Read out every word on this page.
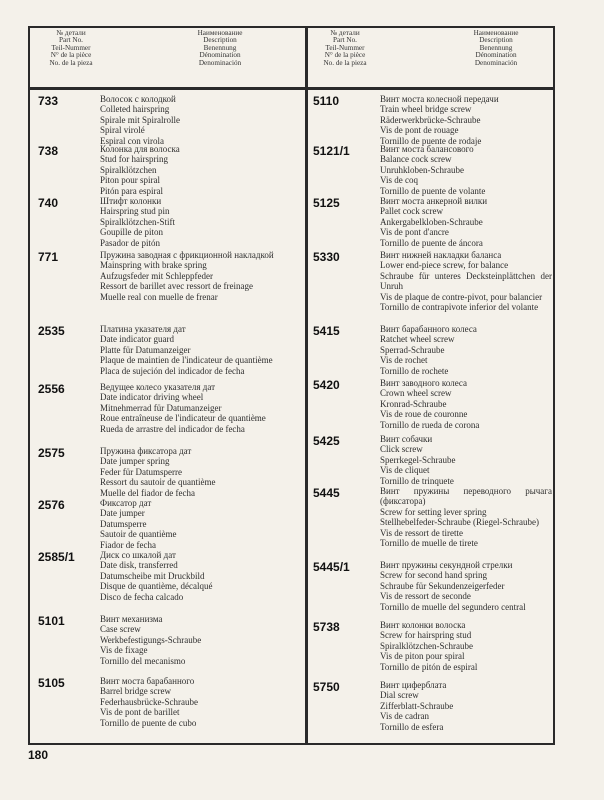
№ детали
Part No.
Teil-Nummer
N° de la pièce
No. de la pieza
Наименование
Description
Benennung
Dénomination
Denominación
№ детали
Part No.
Teil-Nummer
N° de la pièce
No. de la pieza
Наименование
Description
Benennung
Dénomination
Denominación
733	Волосок с колодкой
Colleted hairspring
Spirale mit Spiralrolle
Spiral virolé
Espiral con virola
738	Колонка для волоска
Stud for hairspring
Spiralklötzchen
Piton pour spiral
Pitón para espiral
740	Штифт колонки
Hairspring stud pin
Spiralklötzchen-Stift
Goupille de piton
Pasador de pitón
771	Пружина заводная с фрикционной накладкой
Mainspring with brake spring
Aufzugsfeder mit Schleppfeder
Ressort de barillet avec ressort de freinage
Muelle real con muelle de frenar
2535	Платина указателя дат
Date indicator guard
Platte für Datumanzeiger
Plaque de maintien de l'indicateur de quantième
Placa de sujeción del indicador de fecha
2556	Ведущее колесо указателя дат
Date indicator driving wheel
Mitnehmerrad für Datumanzeiger
Roue entraîneuse de l'indicateur de quantième
Rueda de arrastre del indicador de fecha
2575	Пружина фиксатора дат
Date jumper spring
Feder für Datumsperre
Ressort du sautoir de quantième
Muelle del fiador de fecha
2576	Фиксатор дат
Date jumper
Datumsperre
Sautoir de quantième
Fiador de fecha
2585/1	Диск со шкалой дат
Date disk, transferred
Datumscheibe mit Druckbild
Disque de quantième, décalqué
Disco de fecha calcado
5101	Винт механизма
Case screw
Werkbefestigungs-Schraube
Vis de fixage
Tornillo del mecanismo
5105	Винт моста барабанного
Barrel bridge screw
Federhausbrücke-Schraube
Vis de pont de barillet
Tornillo de puente de cubo
5110	Винт моста колесной передачи
Train wheel bridge screw
Räderwerkbrücke-Schraube
Vis de pont de rouage
Tornillo de puente de rodaje
5121/1	Винт моста балансового
Balance cock screw
Unruhkloben-Schraube
Vis de coq
Tornillo de puente de volante
5125	Винт моста анкерной вилки
Pallet cock screw
Ankergabelkloben-Schraube
Vis de pont d'ancre
Tornillo de puente de áncora
5330	Винт нижней накладки баланса
Lower end-piece screw, for balance
Schraube für unteres Decksteinplättchen der Unruh
Vis de plaque de contre-pivot, pour balancier
Tornillo de contrapivote inferior del volante
5415	Винт барабанного колеса
Ratchet wheel screw
Sperrad-Schraube
Vis de rochet
Tornillo de rochete
5420	Винт заводного колеса
Crown wheel screw
Kronrad-Schraube
Vis de roue de couronne
Tornillo de rueda de corona
5425	Винт собачки
Click screw
Sperrkegel-Schraube
Vis de cliquet
Tornillo de trinquete
5445	Винт пружины переводного рычага (фиксатора)
Screw for setting lever spring
Stellhebelfeder-Schraube (Riegel-Schraube)
Vis de ressort de tirette
Tornillo de muelle de tirete
5445/1	Винт пружины секундной стрелки
Screw for second hand spring
Schraube für Sekundenzeigerfeder
Vis de ressort de seconde
Tornillo de muelle del segundero central
5738	Винт колонки волоска
Screw for hairspring stud
Spiralklötzchen-Schraube
Vis de piton pour spiral
Tornillo de pitón de espiral
5750	Винт циферблата
Dial screw
Zifferblatt-Schraube
Vis de cadran
Tornillo de esfera
180
